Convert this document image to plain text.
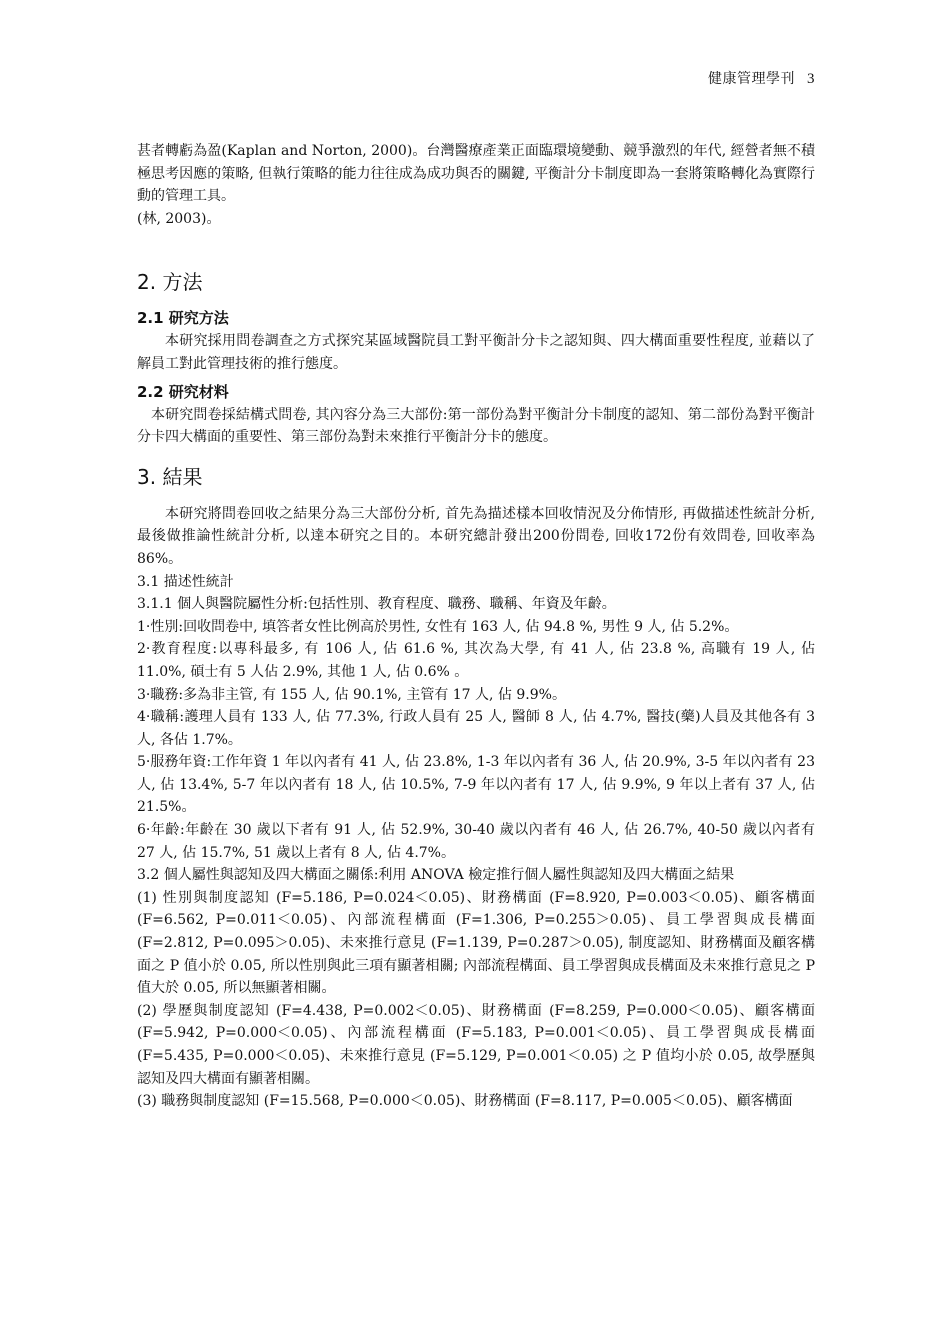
健康管理學刊 3

甚者轉虧為盈(Kaplan and Norton, 2000)。台灣醫療產業正面臨環境變動、競爭激烈的年代, 經營者無不積極思考因應的策略, 但執行策略的能力往往成為成功與否的關鍵, 平衡計分卡制度即為一套將策略轉化為實際行動的管理工具。

(林, 2003)。

2. 方法
2.1 研究方法

本研究採用問卷調查之方式探究某區域醫院員工對平衡計分卡之認知與、四大構面重要性程度, 並藉以了解員工對此管理技術的推行態度。

2.2 研究材料

本研究問卷採結構式問卷, 其內容分為三大部份:第一部份為對平衡計分卡制度的認知、第二部份為對平衡計分卡四大構面的重要性、第三部份為對未來推行平衡計分卡的態度。

3. 結果

本研究將問卷回收之結果分為三大部份分析, 首先為描述樣本回收情況及分佈情形, 再做描述性統計分析, 最後做推論性統計分析, 以達本研究之目的。本研究總計發出200份問卷, 回收172份有效問卷, 回收率為 86%。

3.1 描述性統計

3.1.1 個人與醫院屬性分析:包括性別、教育程度、職務、職稱、年資及年齡。

1·性別:回收問卷中, 填答者女性比例高於男性, 女性有 163 人, 佔 94.8 %, 男性 9 人, 佔 5.2%。

2·教育程度:以專科最多, 有 106 人, 佔 61.6 %, 其次為大學, 有 41 人, 佔 23.8 %, 高職有 19 人, 佔 11.0%, 碩士有 5 人佔 2.9%, 其他 1 人, 佔 0.6% 。

3·職務:多為非主管, 有 155 人, 佔 90.1%, 主管有 17 人, 佔 9.9%。

4·職稱:護理人員有 133 人, 佔 77.3%, 行政人員有 25 人, 醫師 8 人, 佔 4.7%, 醫技(藥)人員及其他各有 3 人, 各佔 1.7%。

5·服務年資:工作年資 1 年以內者有 41 人, 佔 23.8%, 1-3 年以內者有 36 人, 佔 20.9%, 3-5 年以內者有 23 人, 佔 13.4%, 5-7 年以內者有 18 人, 佔 10.5%, 7-9 年以內者有 17 人, 佔 9.9%, 9 年以上者有 37 人, 佔 21.5%。

6·年齡:年齡在 30 歲以下者有 91 人, 佔 52.9%, 30-40 歲以內者有 46 人, 佔 26.7%, 40-50 歲以內者有 27 人, 佔 15.7%, 51 歲以上者有 8 人, 佔 4.7%。

3.2 個人屬性與認知及四大構面之關係:利用 ANOVA 檢定推行個人屬性與認知及四大構面之結果

(1) 性別與制度認知 (F=5.186, P=0.024＜0.05)、財務構面 (F=8.920, P=0.003＜0.05)、顧客構面 (F=6.562, P=0.011＜0.05)、內部流程構面 (F=1.306, P=0.255＞0.05)、員工學習與成長構面 (F=2.812, P=0.095＞0.05)、未來推行意見 (F=1.139, P=0.287＞0.05), 制度認知、財務構面及顧客構面之 P 值小於 0.05, 所以性別與此三項有顯著相關; 內部流程構面、員工學習與成長構面及未來推行意見之 P 值大於 0.05, 所以無顯著相關。

(2) 學歷與制度認知 (F=4.438, P=0.002＜0.05)、財務構面 (F=8.259, P=0.000＜0.05)、顧客構面 (F=5.942, P=0.000＜0.05)、內部流程構面 (F=5.183, P=0.001＜0.05)、員工學習與成長構面 (F=5.435, P=0.000＜0.05)、未來推行意見 (F=5.129, P=0.001＜0.05) 之 P 值均小於 0.05, 故學歷與認知及四大構面有顯著相關。

(3) 職務與制度認知 (F=15.568, P=0.000＜0.05)、財務構面 (F=8.117, P=0.005＜0.05)、顧客構面
